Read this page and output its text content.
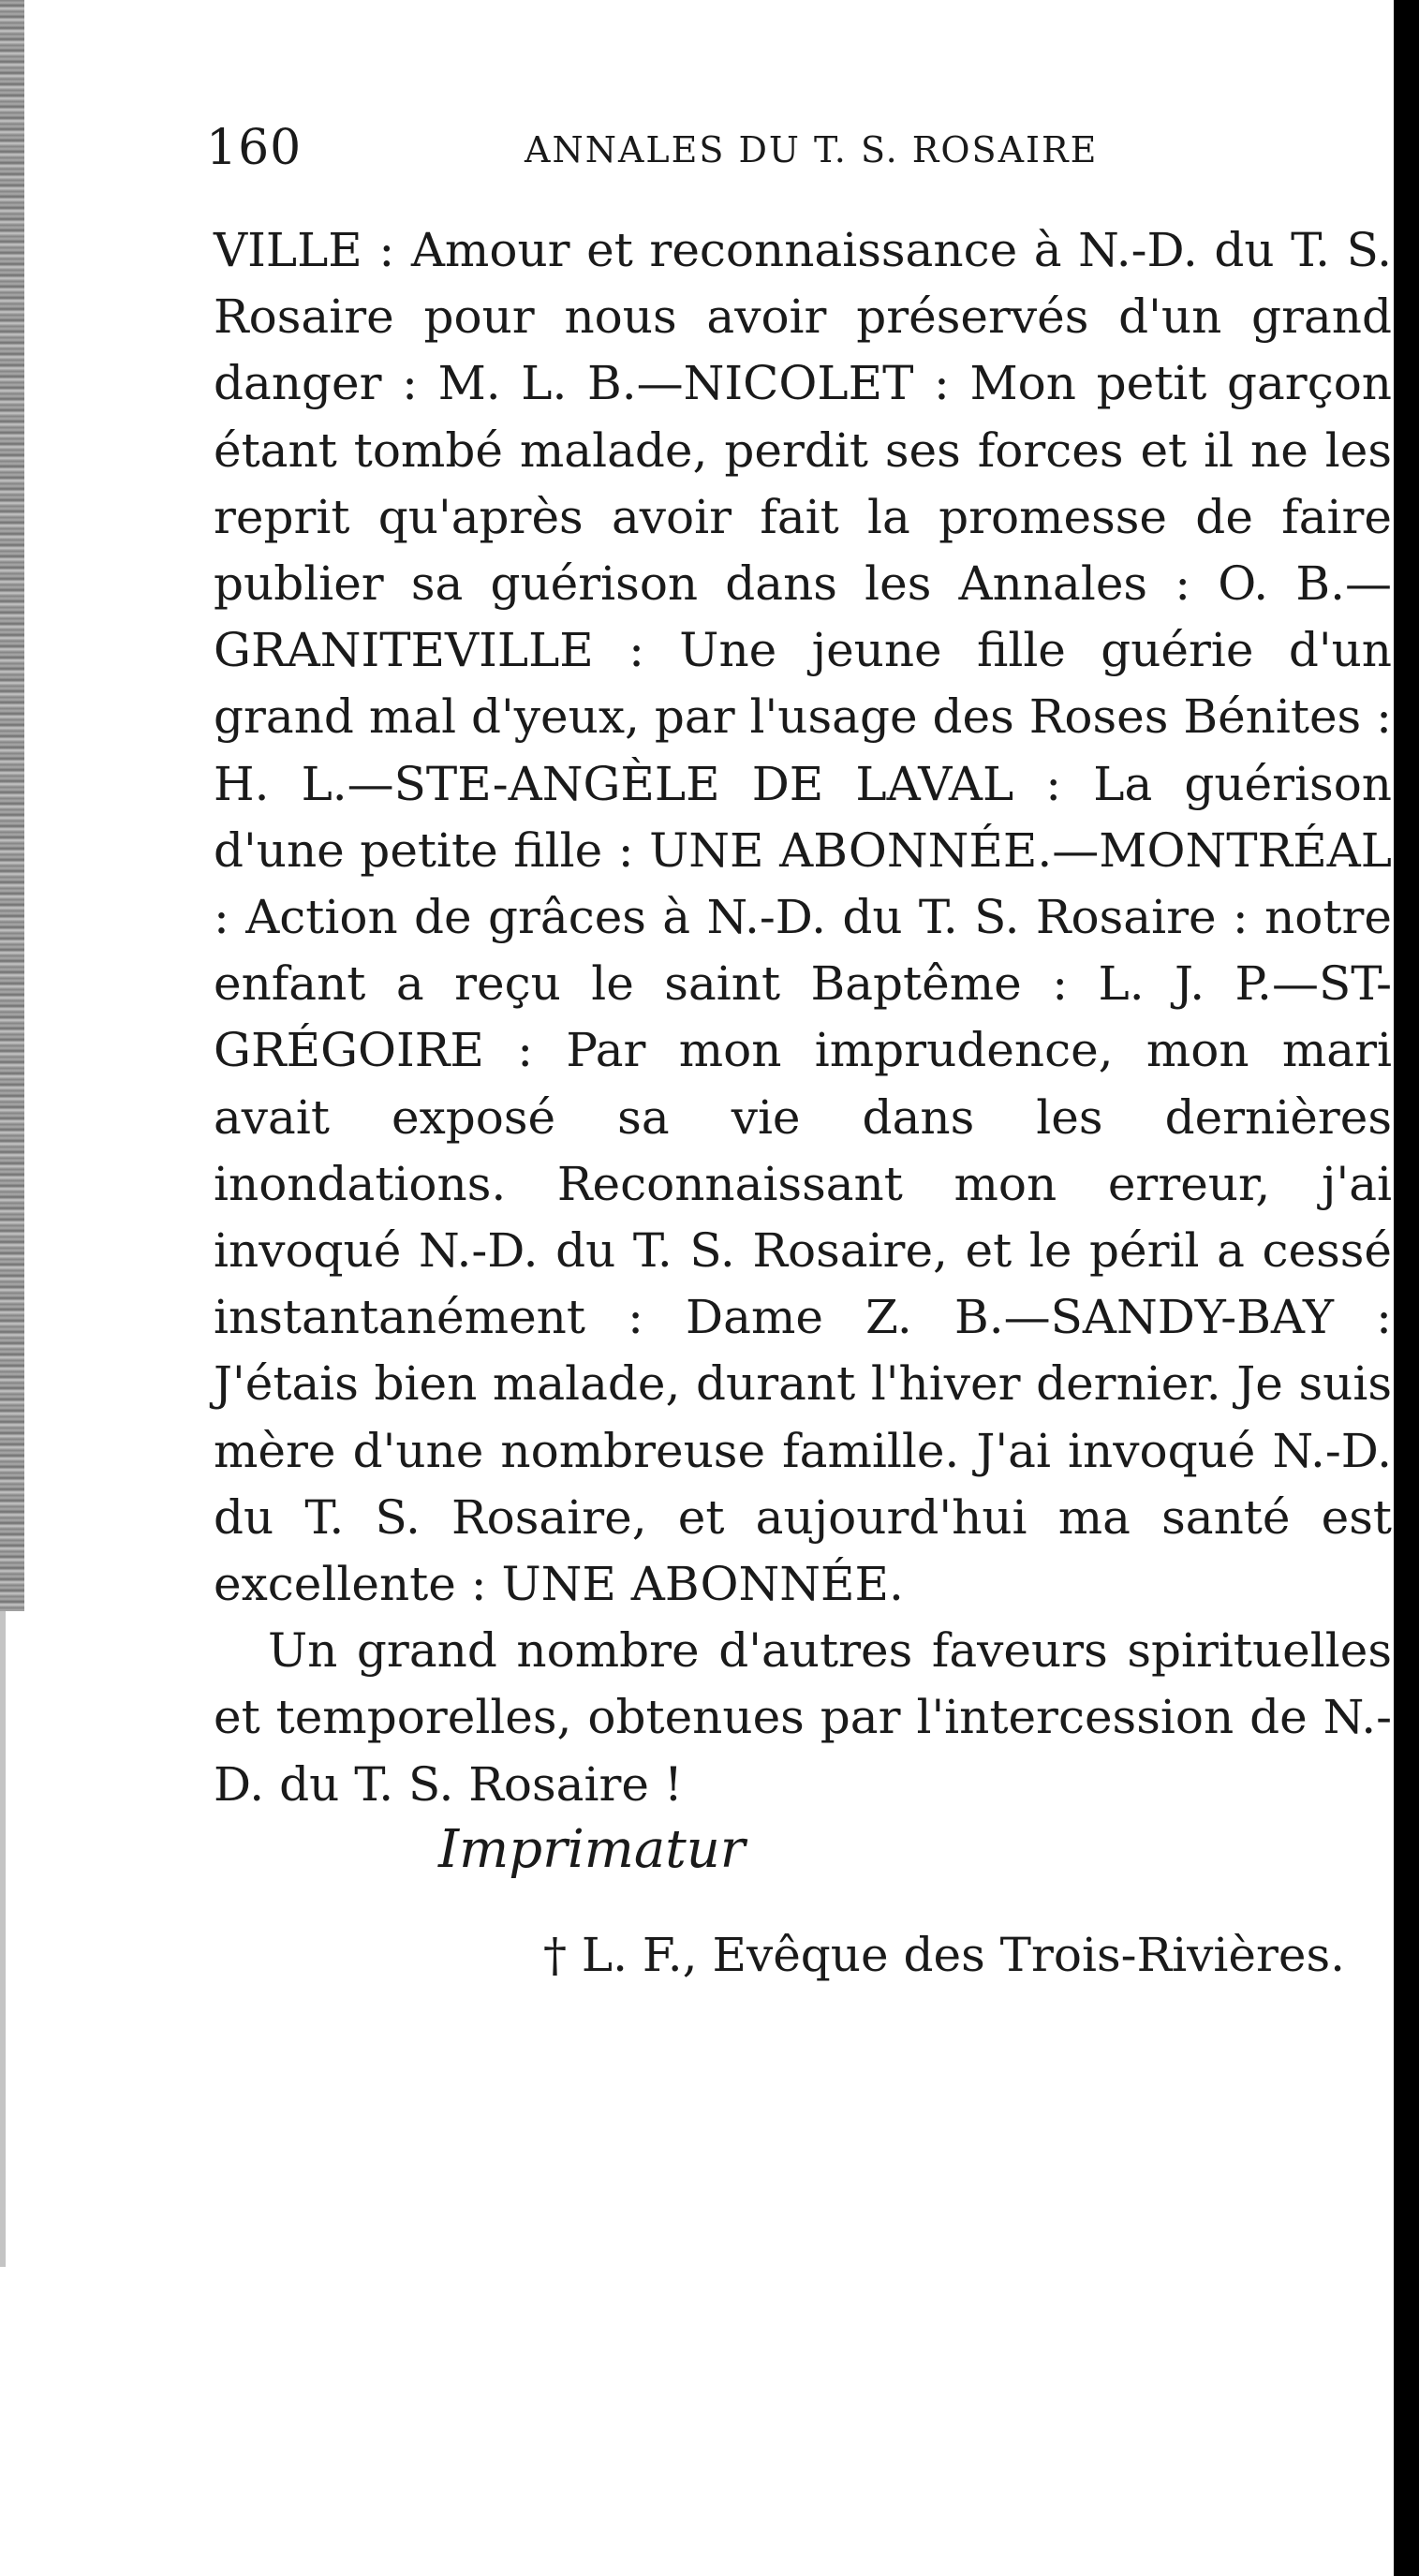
160	ANNALES DU T. S. ROSAIRE

VILLE : Amour et reconnaissance à N.-D. du T. S. Rosaire pour nous avoir préservés d'un grand danger : M. L. B.—NICOLET : Mon petit garçon étant tombé malade, perdit ses forces et il ne les reprit qu'après avoir fait la promesse de faire publier sa guérison dans les Annales : O. B.—GRANITEVILLE : Une jeune fille guérie d'un grand mal d'yeux, par l'usage des Roses Bénites : H. L.—STE-ANGÈLE DE LAVAL : La guérison d'une petite fille : UNE ABONNÉE.—MONTRÉAL : Action de grâces à N.-D. du T. S. Rosaire : notre enfant a reçu le saint Baptême : L. J. P.—ST-GRÉGOIRE : Par mon imprudence, mon mari avait exposé sa vie dans les dernières inondations. Reconnaissant mon erreur, j'ai invoqué N.-D. du T. S. Rosaire, et le péril a cessé instantanément : Dame Z. B.—SANDY-BAY : J'étais bien malade, durant l'hiver dernier. Je suis mère d'une nombreuse famille. J'ai invoqué N.-D. du T. S. Rosaire, et aujourd'hui ma santé est excellente : UNE ABONNÉE.

Un grand nombre d'autres faveurs spirituelles et temporelles, obtenues par l'intercession de N.-D. du T. S. Rosaire !

Imprimatur

† L. F., Evêque des Trois-Rivières.
